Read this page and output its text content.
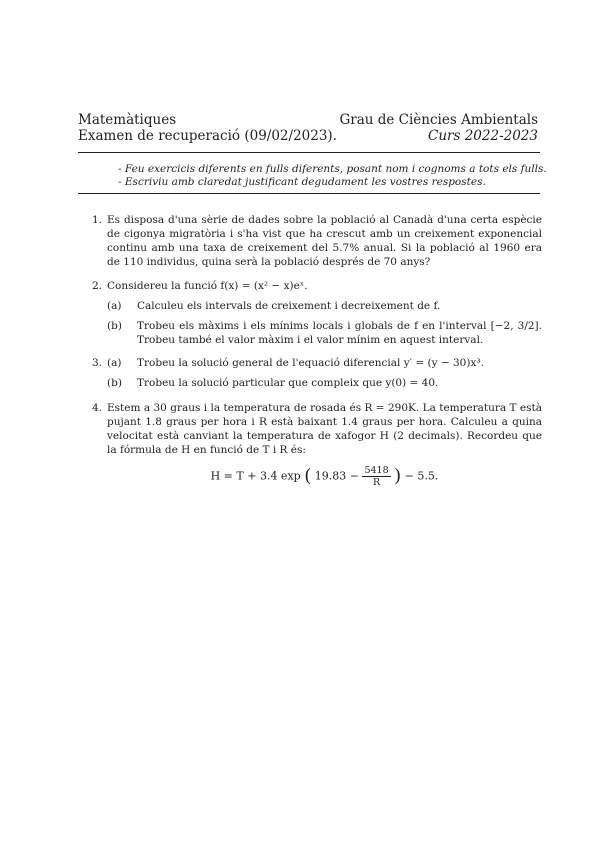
Matemàtiques
Examen de recuperació (09/02/2023).
Grau de Ciències Ambientals
Curs 2022-2023
- Feu exercicis diferents en fulls diferents, posant nom i cognoms a tots els fulls.
- Escriviu amb claredat justificant degudament les vostres respostes.
1. Es disposa d'una sèrie de dades sobre la població al Canadà d'una certa espècie de cigonya migratòria i s'ha vist que ha crescut amb un creixement exponencial continu amb una taxa de creixement del 5.7% anual. Si la població al 1960 era de 110 individus, quina serà la població després de 70 anys?
2. Considereu la funció f(x) = (x² − x)eˣ.
(a) Calculeu els intervals de creixement i decreixement de f.
(b) Trobeu els màxims i els mínims locals i globals de f en l'interval [−2, 3/2]. Trobeu també el valor màxim i el valor mínim en aquest interval.
3. (a) Trobeu la solució general de l'equació diferencial y′ = (y − 30)x³.
(b) Trobeu la solució particular que compleix que y(0) = 40.
4. Estem a 30 graus i la temperatura de rosada és R = 290K. La temperatura T està pujant 1.8 graus per hora i R està baixant 1.4 graus per hora. Calculeu a quina velocitat està canviant la temperatura de xafogor H (2 decimals). Recordeu que la fórmula de H en funció de T i R és:
H = T + 3.4 exp ( $19.83 - \frac{5418}{R}$ ) − 5.5.
